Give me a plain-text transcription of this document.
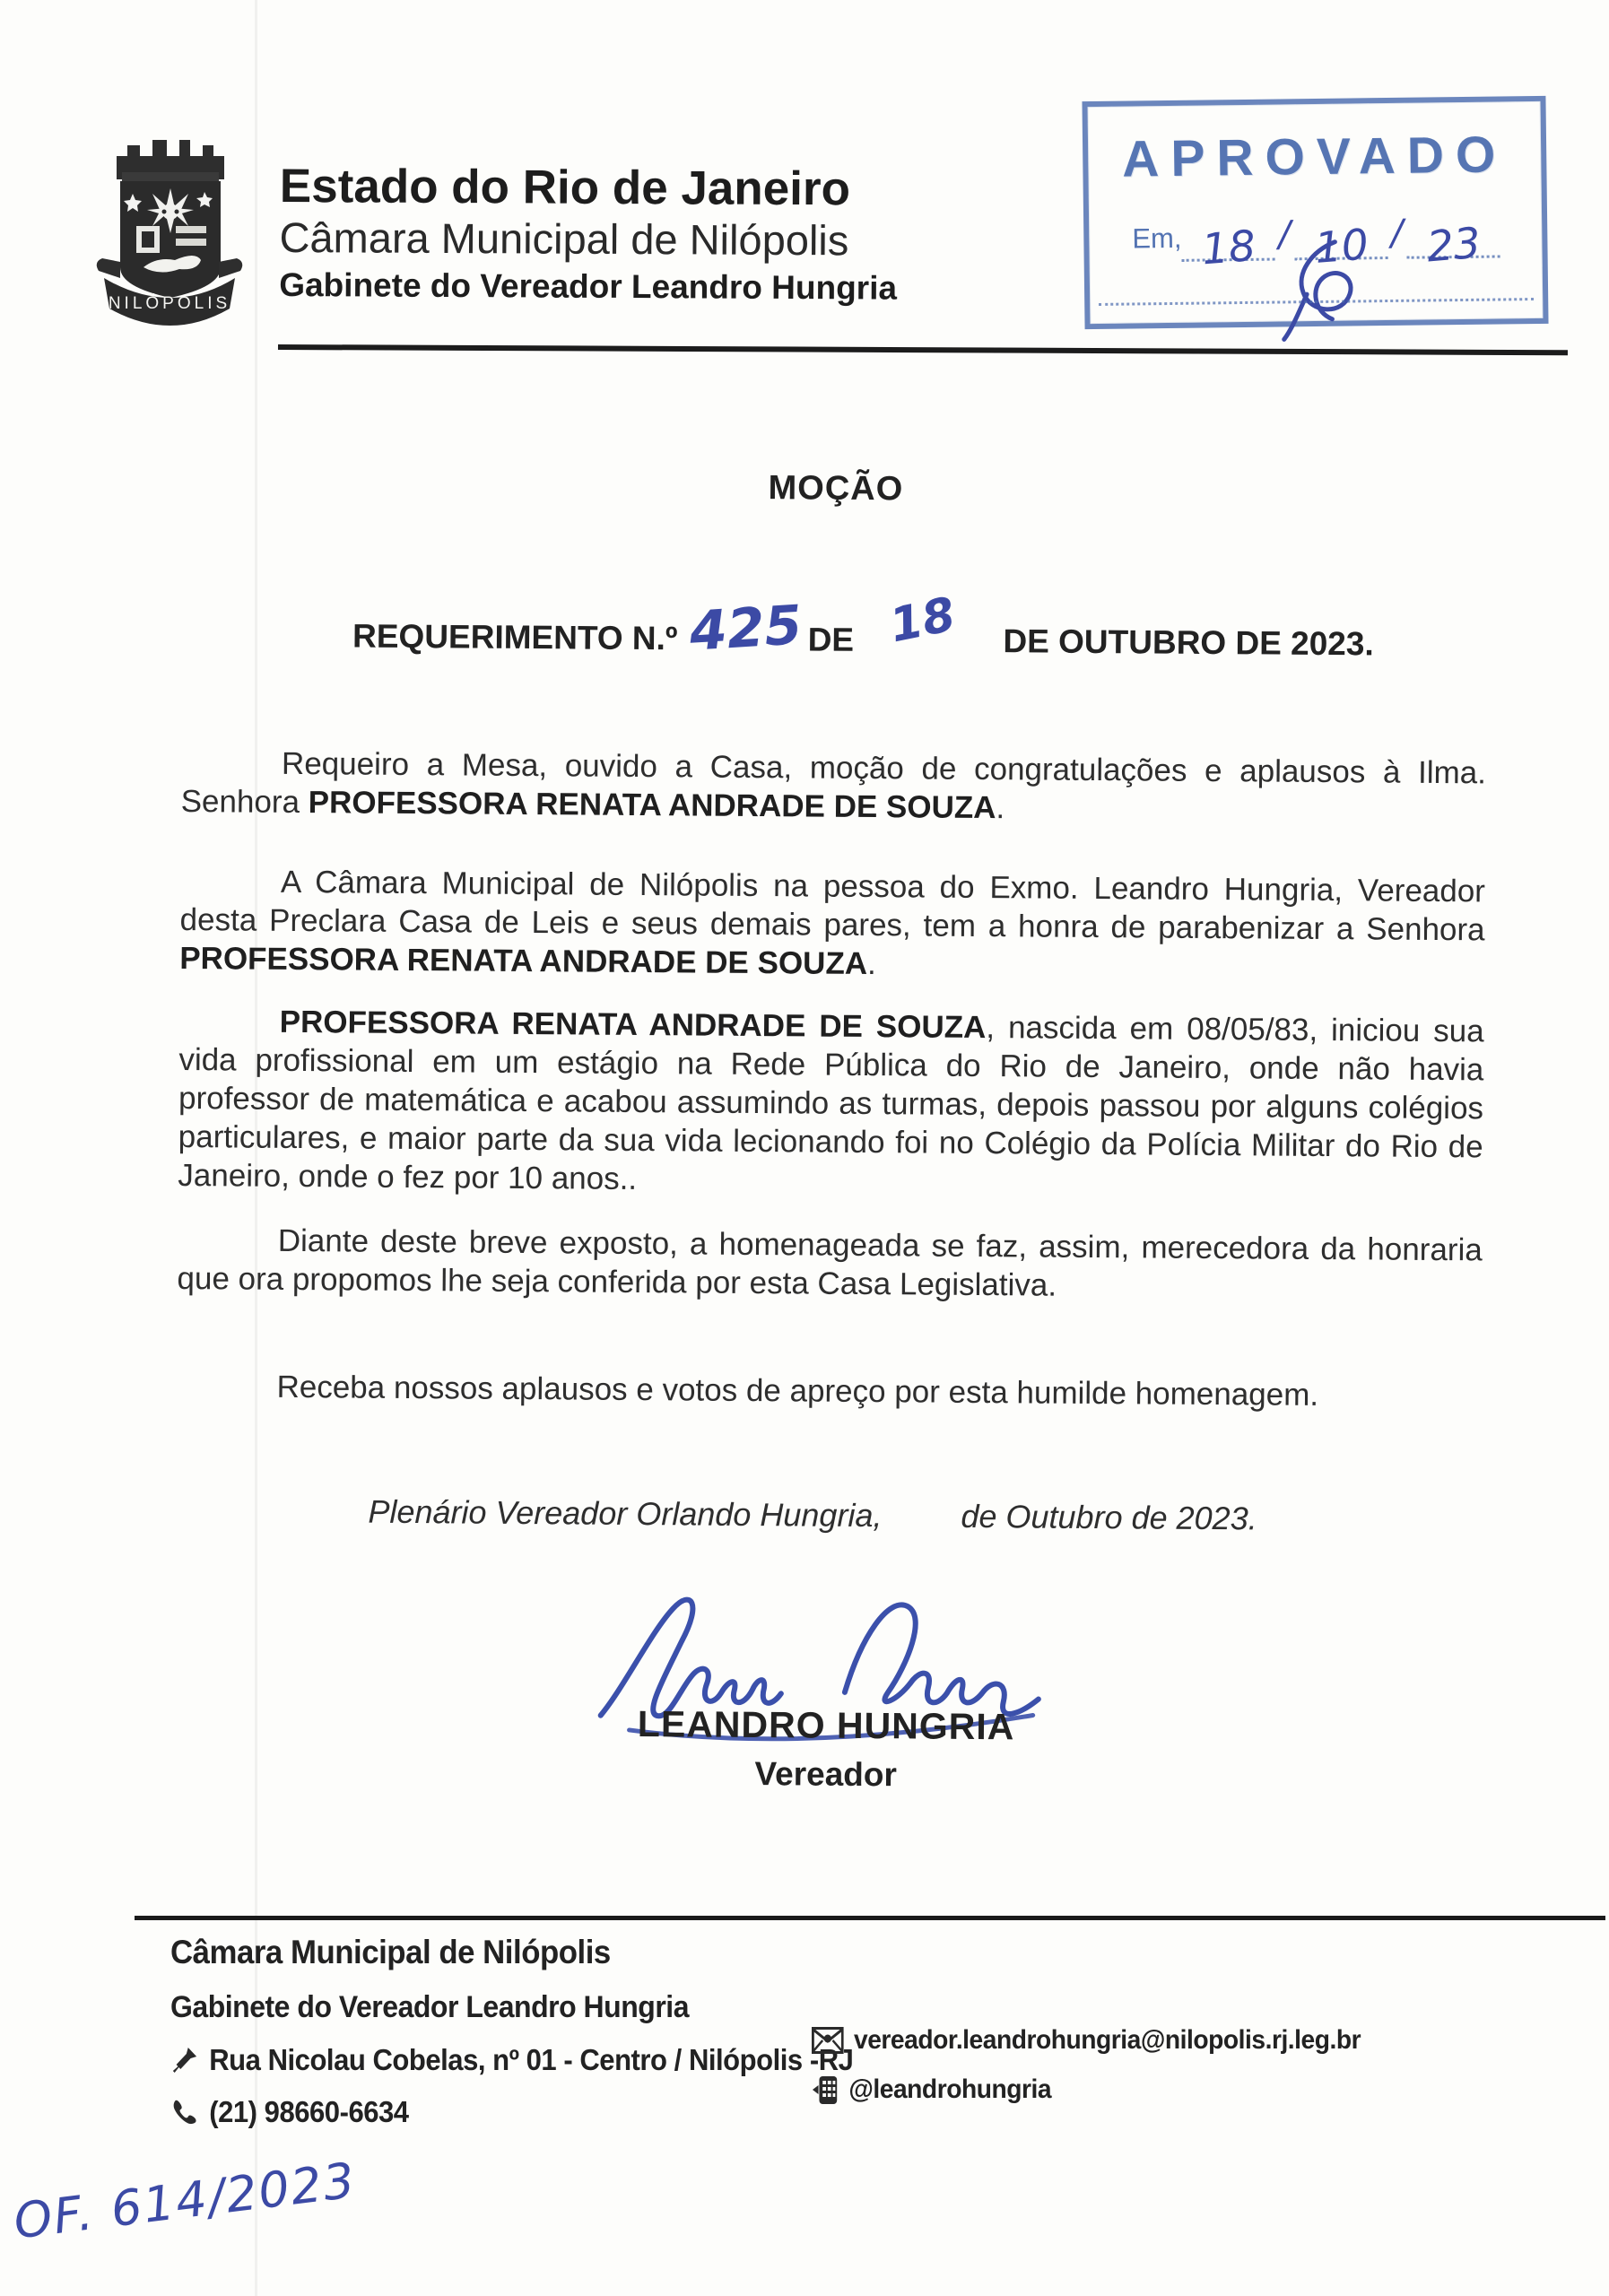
NILÓPOLIS
Estado do Rio de Janeiro
Câmara Municipal de Nilópolis
Gabinete do Vereador Leandro Hungria
APROVADO
Em, 18 / 10 / 23
MOÇÃO
REQUERIMENTO N.º 425 DE 18 DE OUTUBRO DE 2023.

Requeiro a Mesa, ouvido a Casa, moção de congratulações e aplausos à Ilma. Senhora PROFESSORA RENATA ANDRADE DE SOUZA.

A Câmara Municipal de Nilópolis na pessoa do Exmo. Leandro Hungria, Vereador desta Preclara Casa de Leis e seus demais pares, tem a honra de parabenizar a Senhora PROFESSORA RENATA ANDRADE DE SOUZA.

PROFESSORA RENATA ANDRADE DE SOUZA, nascida em 08/05/83, iniciou sua vida profissional em um estágio na Rede Pública do Rio de Janeiro, onde não havia professor de matemática e acabou assumindo as turmas, depois passou por alguns colégios particulares, e maior parte da sua vida lecionando foi no Colégio da Polícia Militar do Rio de Janeiro, onde o fez por 10 anos..

Diante deste breve exposto, a homenageada se faz, assim, merecedora da honraria que ora propomos lhe seja conferida por esta Casa Legislativa.

Receba nossos aplausos e votos de apreço por esta humilde homenagem.

Plenário Vereador Orlando Hungria, de Outubro de 2023.
LEANDRO HUNGRIA
Vereador
Câmara Municipal de Nilópolis
Gabinete do Vereador Leandro Hungria
Rua Nicolau Cobelas, nº 01 - Centro / Nilópolis -RJ
(21) 98660-6634
vereador.leandrohungria@nilopolis.rj.leg.br
@leandrohungria
OF. 614/2023
